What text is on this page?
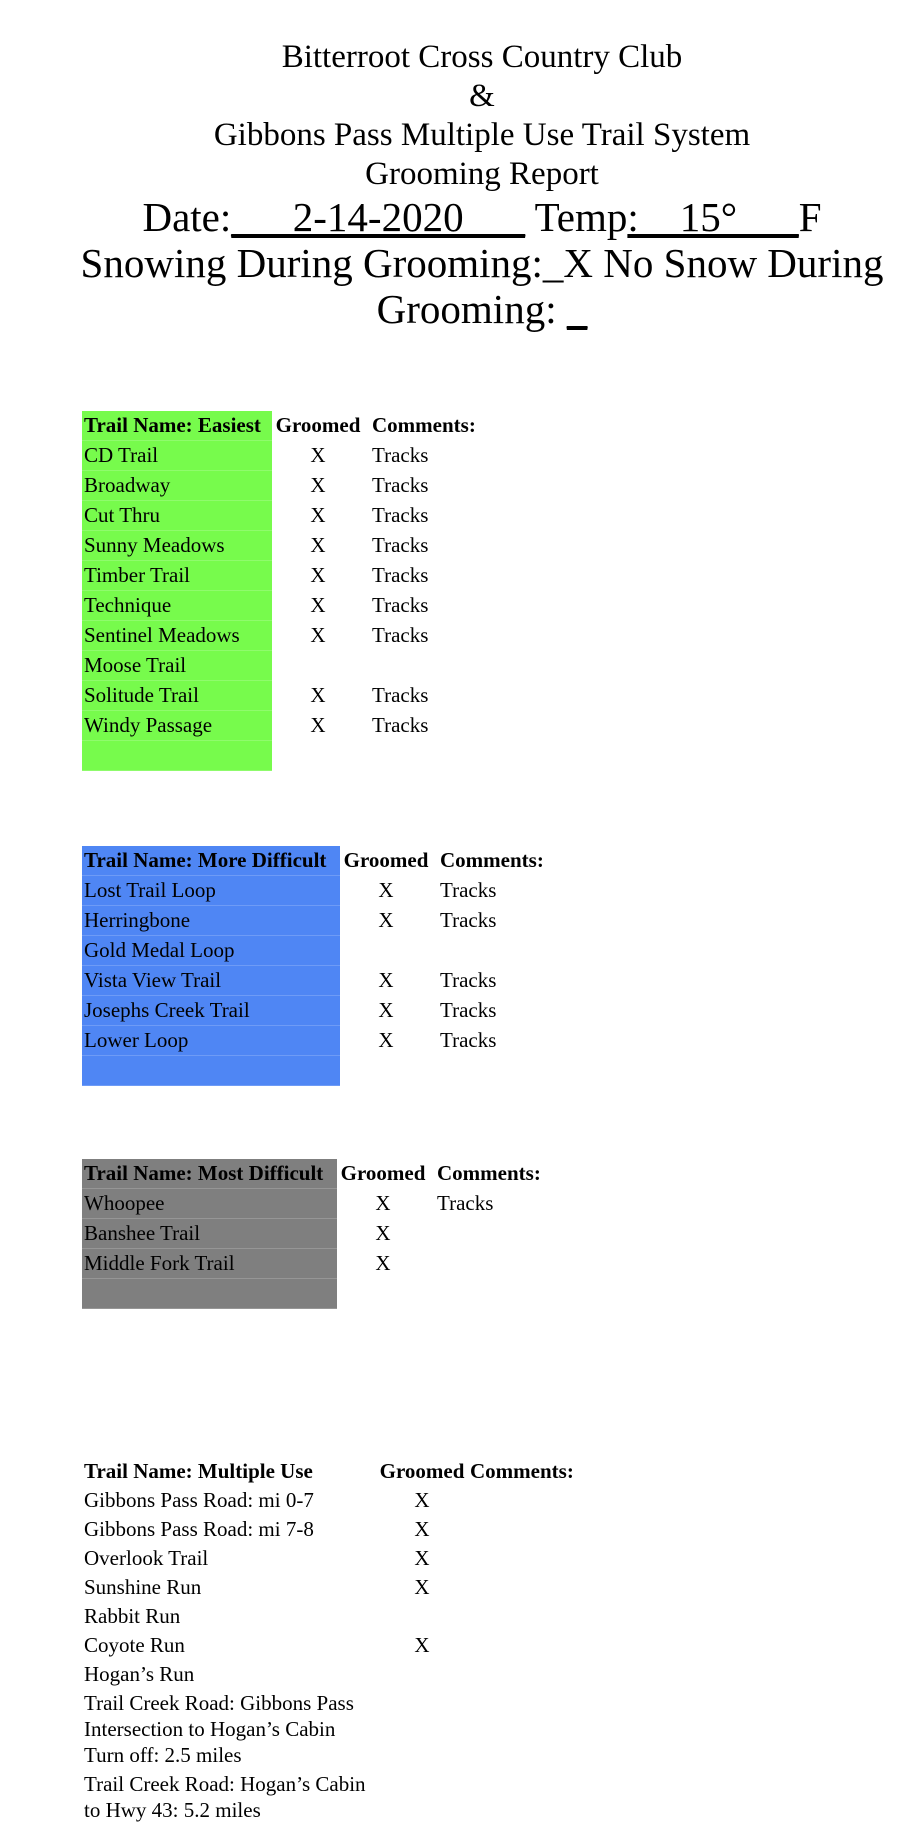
Bitterroot Cross Country Club
&
Gibbons Pass Multiple Use Trail System
Grooming Report
Date:___2-14-2020___ Temp:__15°___F
Snowing During Grooming:_X No Snow During
Grooming: _
Trail Name: Easiest	Groomed	Comments:
CD Trail	X	Tracks
Broadway	X	Tracks
Cut Thru	X	Tracks
Sunny Meadows	X	Tracks
Timber Trail	X	Tracks
Technique	X	Tracks
Sentinel Meadows	X	Tracks
Moose Trail		
Solitude Trail	X	Tracks
Windy Passage	X	Tracks

Trail Name: More Difficult	Groomed	Comments:
Lost Trail Loop	X	Tracks
Herringbone	X	Tracks
Gold Medal Loop		
Vista View Trail	X	Tracks
Josephs Creek Trail	X	Tracks
Lower Loop	X	Tracks

Trail Name: Most Difficult	Groomed	Comments:
Whoopee	X	Tracks
Banshee Trail	X	
Middle Fork Trail	X	

Trail Name: Multiple Use	Groomed	Comments:
Gibbons Pass Road: mi 0-7	X	
Gibbons Pass Road: mi 7-8	X	
Overlook Trail	X	
Sunshine Run	X	
Rabbit Run		
Coyote Run	X	
Hogan’s Run		
Trail Creek Road: Gibbons Pass Intersection to Hogan’s Cabin Turn off: 2.5 miles		
Trail Creek Road: Hogan’s Cabin to Hwy 43: 5.2 miles		
